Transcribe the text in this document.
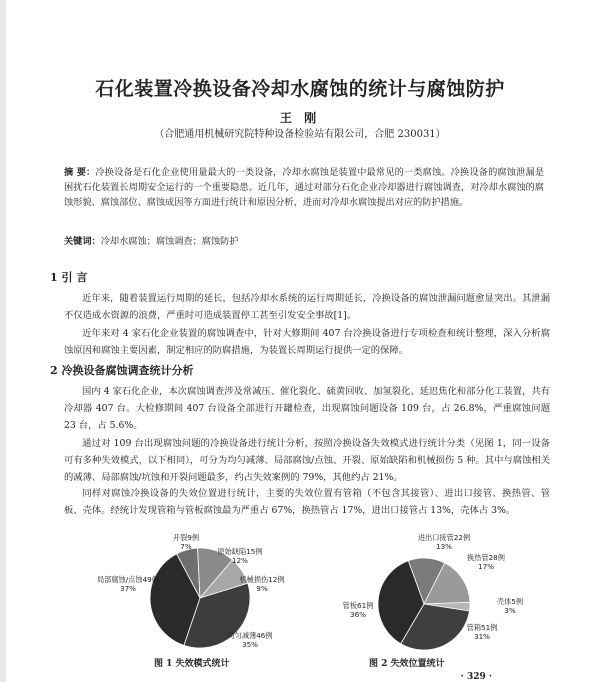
石化装置冷换设备冷却水腐蚀的统计与腐蚀防护
王 刚
（合肥通用机械研究院特种设备检验站有限公司，合肥 230031）
摘 要：冷换设备是石化企业使用量最大的一类设备，冷却水腐蚀是装置中最常见的一类腐蚀。冷换设备的腐蚀泄漏是困扰石化装置长周期安全运行的一个重要隐患。近几年，通过对部分石化企业冷却器进行腐蚀调查，对冷却水腐蚀的腐蚀形貌、腐蚀部位、腐蚀成因等方面进行统计和原因分析，进而对冷却水腐蚀提出对应的防护措施。
关键词：冷却水腐蚀；腐蚀调查；腐蚀防护
1 引 言
近年来，随着装置运行周期的延长，包括冷却水系统的运行周期延长，冷换设备的腐蚀泄漏问题愈显突出。其泄漏不仅造成水资源的浪费，严重时可造成装置停工甚至引发安全事故[1]。
近年来对 4 家石化企业装置的腐蚀调查中，针对大修期间 407 台冷换设备进行专项检查和统计整理，深入分析腐蚀原因和腐蚀主要因素，制定相应的防腐措施，为装置长周期运行提供一定的保障。
2 冷换设备腐蚀调查统计分析
国内 4 家石化企业，本次腐蚀调查涉及常减压、催化裂化、硫黄回收、加氢裂化、延迟焦化和部分化工装置，共有冷却器 407 台。大检修期间 407 台设备全部进行开罐检查，出现腐蚀问题设备 109 台，占 26.8%，严重腐蚀问题 23 台，占 5.6%。
通过对 109 台出现腐蚀问题的冷换设备进行统计分析，按照冷换设备失效模式进行统计分类（见图 1，同一设备可有多种失效模式，以下相同），可分为均匀减薄、局部腐蚀/点蚀、开裂、原始缺陷和机械损伤 5 种。其中与腐蚀相关的减薄、局部腐蚀/坑蚀和开裂问题最多，约占失效案例的 79%，其他约占 21%。
同样对腐蚀冷换设备的失效位置进行统计，主要的失效位置有管箱（不包含其接管）、进出口接管、换热管、管板、壳体。经统计发现管箱与管板腐蚀最为严重占 67%，换热管占 17%，进出口接管占 13%，壳体占 3%。
开裂9例
7%
原始缺陷15例
12%
机械损伤12例
9%
均匀减薄46例
35%
局部腐蚀/点蚀49例
37%
进出口接管22例
13%
换热管28例
17%
壳体5例
3%
管箱51例
31%
管板61例
36%
图 1 失效模式统计	图 2 失效位置统计
· 329 ·
